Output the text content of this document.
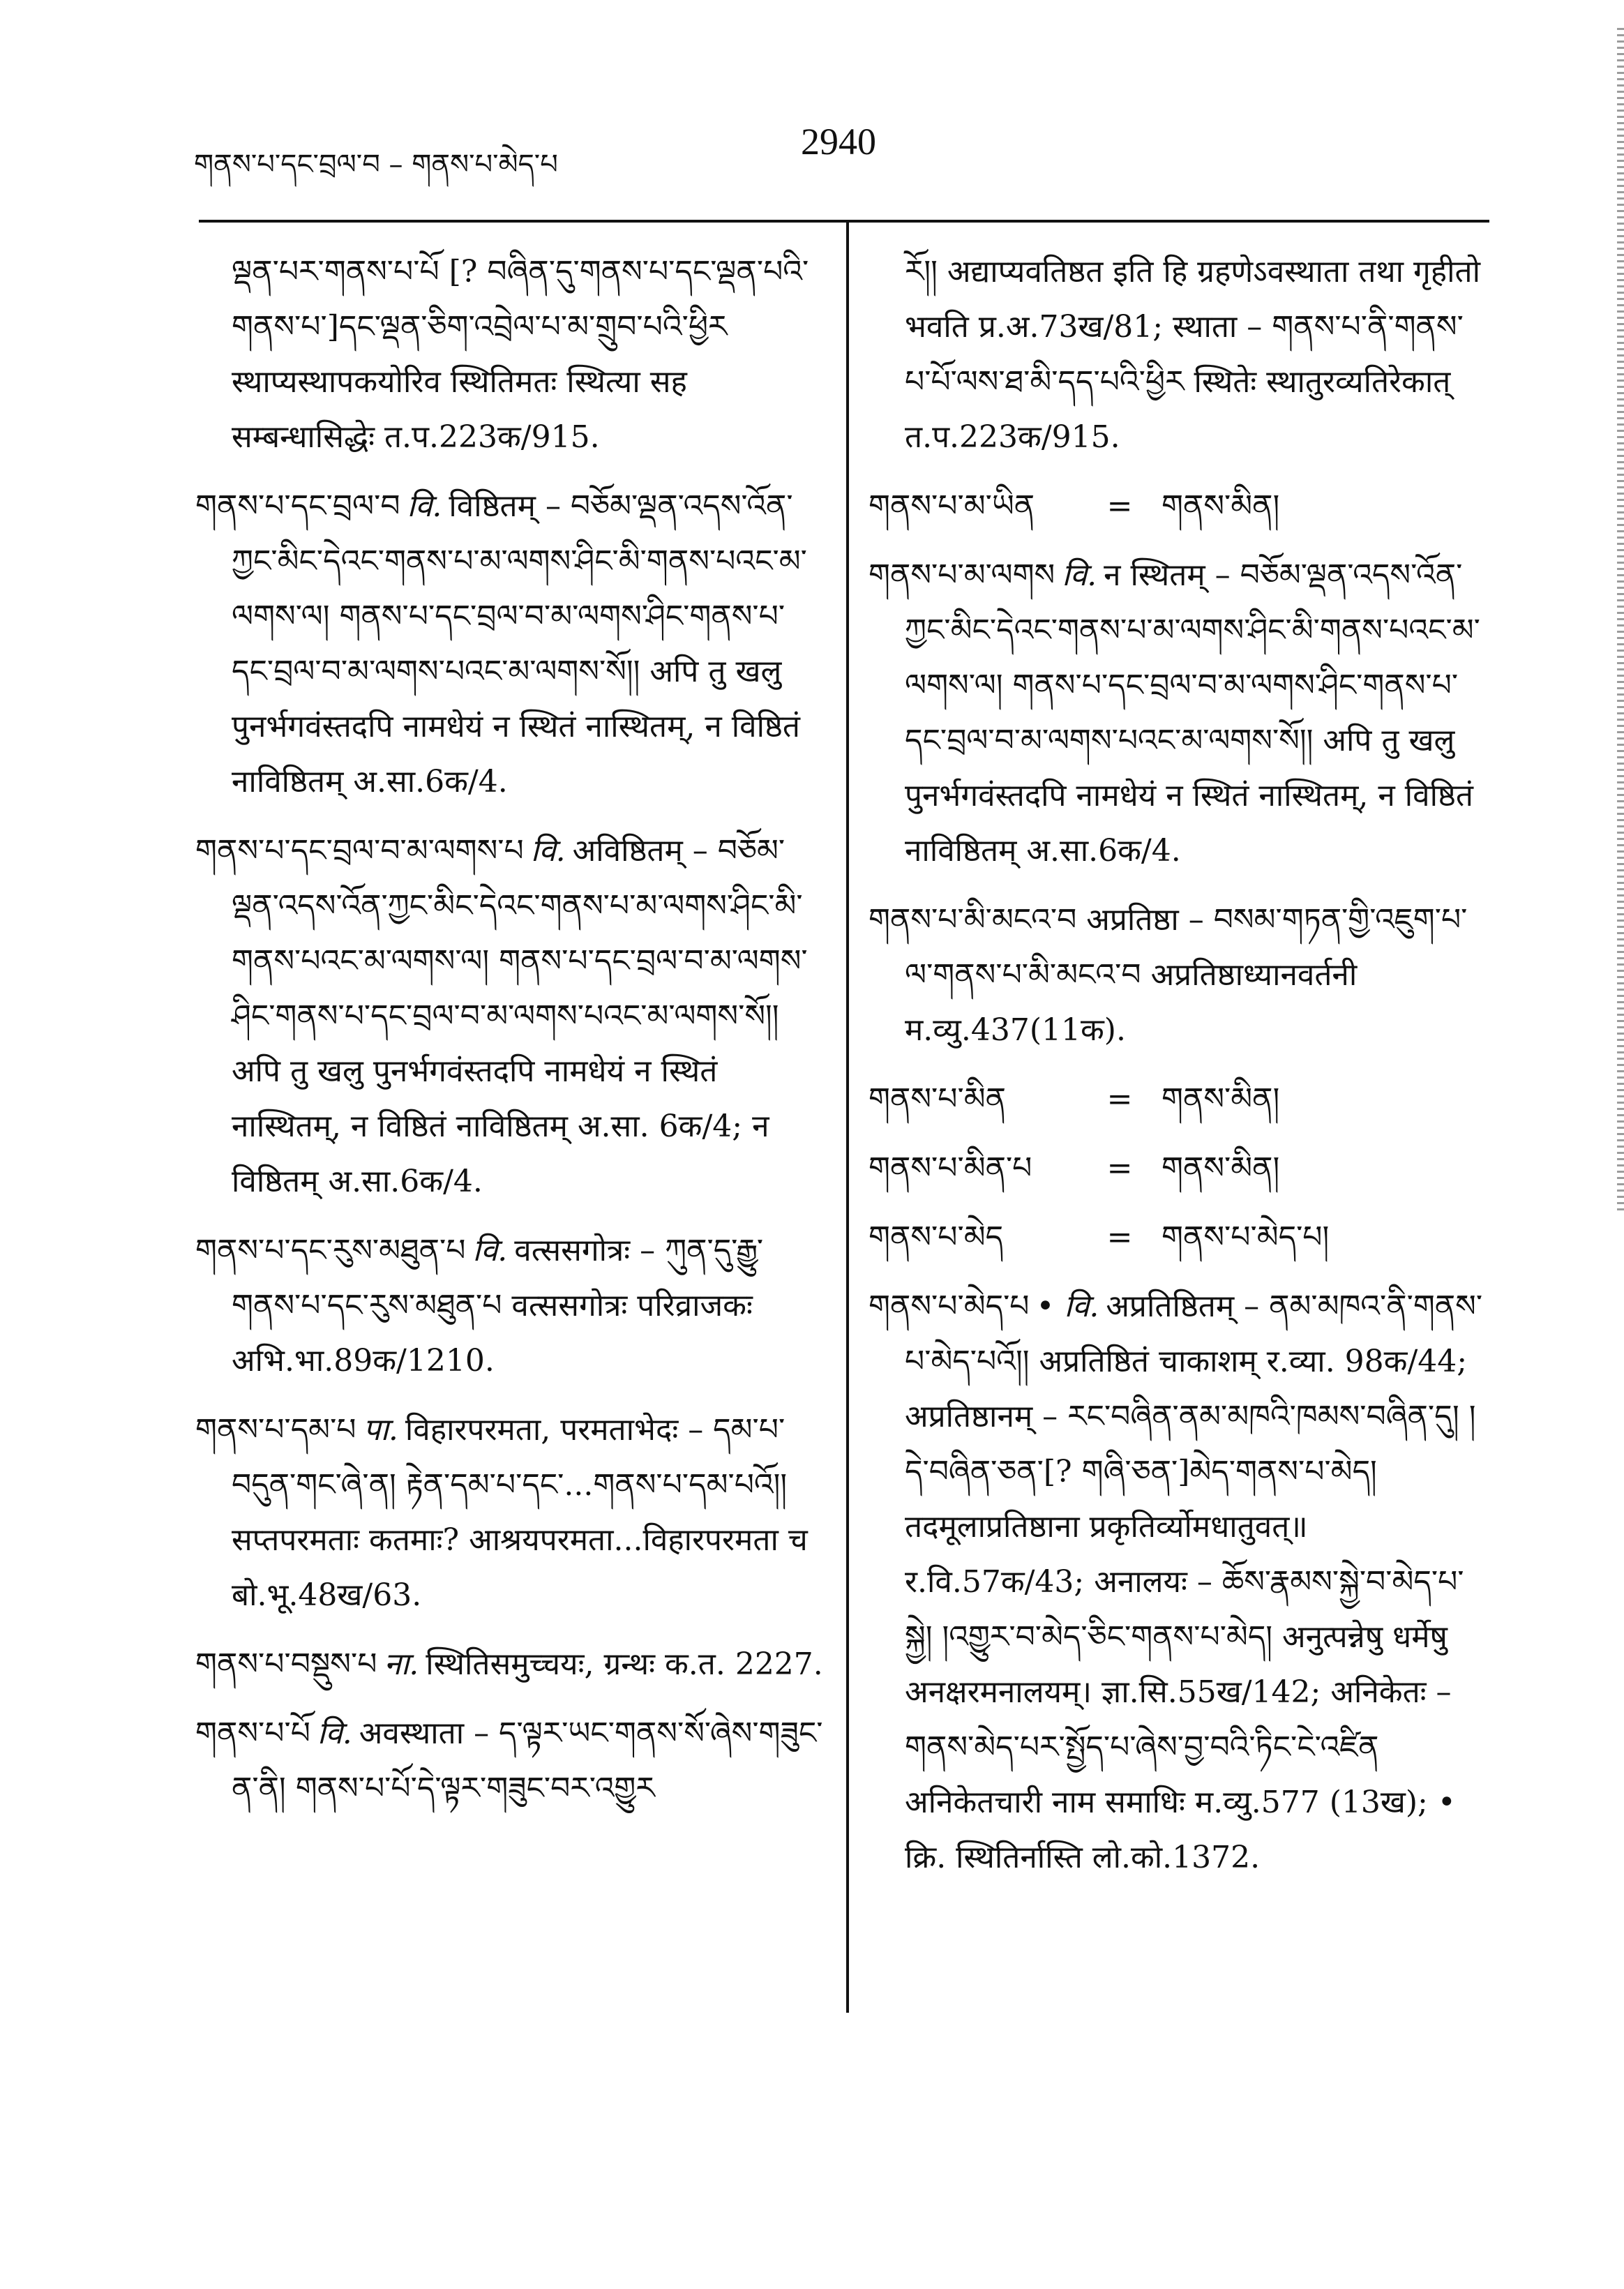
གནས་པ་དང་བྲལ་བ – གནས་པ་མེད་པ
2940
ལྡན་པར་གནས་པ་པོ [? བཞིན་དུ་གནས་པ་དང་ལྡན་པའི་གནས་པ་]དང་ལྡན་ཅིག་འབྲེལ་པ་མ་གྲུབ་པའི་ཕྱིར स्थाप्यस्थापकयोरिव स्थितिमतः स्थित्या सह सम्बन्धासिद्धेः त.प.223क/915.
གནས་པ་དང་བྲལ་བ वि. विष्ठितम् – བཅོམ་ལྡན་འདས་འོན་ཀྱང་མིང་དེའང་གནས་པ་མ་ལགས་ཤིང་མི་གནས་པའང་མ་ལགས་ལ། གནས་པ་དང་བྲལ་བ་མ་ལགས་ཤིང་གནས་པ་དང་བྲལ་བ་མ་ལགས་པའང་མ་ལགས་སོ།། अपि तु खलु पुनर्भगवंस्तदपि नामधेयं न स्थितं नास्थितम्, न विष्ठितं नाविष्ठितम् अ.सा.6क/4.
གནས་པ་དང་བྲལ་བ་མ་ལགས་པ वि. अविष्ठितम् – བཅོམ་ལྡན་འདས་འོན་ཀྱང་མིང་དེའང་གནས་པ་མ་ལགས་ཤིང་མི་གནས་པའང་མ་ལགས་ལ། གནས་པ་དང་བྲལ་བ་མ་ལགས་ཤིང་གནས་པ་དང་བྲལ་བ་མ་ལགས་པའང་མ་ལགས་སོ།། अपि तु खलु पुनर्भगवंस्तदपि नामधेयं न स्थितं नास्थितम्, न विष्ठितं नाविष्ठितम् अ.सा. 6क/4; न विष्ठितम् अ.सा.6क/4.
གནས་པ་དང་རུས་མཐུན་པ वि. वत्ससगोत्रः – ཀུན་དུ་རྒྱུ་གནས་པ་དང་རུས་མཐུན་པ वत्ससगोत्रः परिव्राजकः अभि.भा.89क/1210.
གནས་པ་དམ་པ पा. विहारपरमता, परमताभेदः – དམ་པ་བདུན་གང་ཞེ་ན། རྟེན་དམ་པ་དང་...གནས་པ་དམ་པའོ།། सप्तपरमताः कतमाः? आश्रयपरमता...विहारपरमता च बो.भू.48ख/63.
གནས་པ་བསྡུས་པ ना. स्थितिसमुच्चयः, ग्रन्थः क.त. 2227.
གནས་པ་པོ वि. अवस्थाता – ད་ལྟར་ཡང་གནས་སོ་ཞེས་གཟུང་ན་ནི། གནས་པ་པོ་དེ་ལྟར་གཟུང་བར་འགྱུར
རོ།། अद्याप्यवतिष्ठत इति हि ग्रहणेऽवस्थाता तथा गृहीतो भवति प्र.अ.73ख/81; स्थाता – གནས་པ་ནི་གནས་པ་པོ་ལས་ཐ་མི་དད་པའི་ཕྱིར स्थितेः स्थातुरव्यतिरेकात् त.प.223क/915.
གནས་པ་མ་ཡིན	= གནས་མིན།
གནས་པ་མ་ལགས वि. न स्थितम् – བཅོམ་ལྡན་འདས་འོན་ཀྱང་མིང་དེའང་གནས་པ་མ་ལགས་ཤིང་མི་གནས་པའང་མ་ལགས་ལ། གནས་པ་དང་བྲལ་བ་མ་ལགས་ཤིང་གནས་པ་དང་བྲལ་བ་མ་ལགས་པའང་མ་ལགས་སོ།། अपि तु खलु पुनर्भगवंस्तदपि नामधेयं न स्थितं नास्थितम्, न विष्ठितं नाविष्ठितम् अ.सा.6क/4.
གནས་པ་མི་མངའ་བ अप्रतिष्ठा – བསམ་གཏན་གྱི་འཇུག་པ་ལ་གནས་པ་མི་མངའ་བ अप्रतिष्ठाध्यानवर्तनी म.व्यु.437(11क).
གནས་པ་མིན	= གནས་མིན།
གནས་པ་མིན་པ	= གནས་མིན།
གནས་པ་མེད	= གནས་པ་མེད་པ།
གནས་པ་མེད་པ • वि. अप्रतिष्ठितम् – ནམ་མཁའ་ནི་གནས་པ་མེད་པའོ།། अप्रतिष्ठितं चाकाशम् र.व्या. 98क/44; अप्रतिष्ठानम् – རང་བཞིན་ནམ་མཁའི་ཁམས་བཞིན་དུ། །དེ་བཞིན་ཅན་[? གཞི་ཅན་]མེད་གནས་པ་མེད། तदमूलाप्रतिष्ठाना प्रकृतिर्व्योमधातुवत्॥ र.वि.57क/43; अनालयः – ཆོས་རྣམས་སྐྱེ་བ་མེད་པ་སྐྱེ། །འགྱུར་བ་མེད་ཅིང་གནས་པ་མེད། अनुत्पन्नेषु धर्मेषु अनक्षरमनालयम्। ज्ञा.सि.55ख/142; अनिकेतः – གནས་མེད་པར་སྤྱོད་པ་ཞེས་བྱ་བའི་ཏིང་ངེ་འཛིན अनिकेतचारी नाम समाधिः म.व्यु.577 (13ख); • क्रि. स्थितिर्नास्ति लो.को.1372.
